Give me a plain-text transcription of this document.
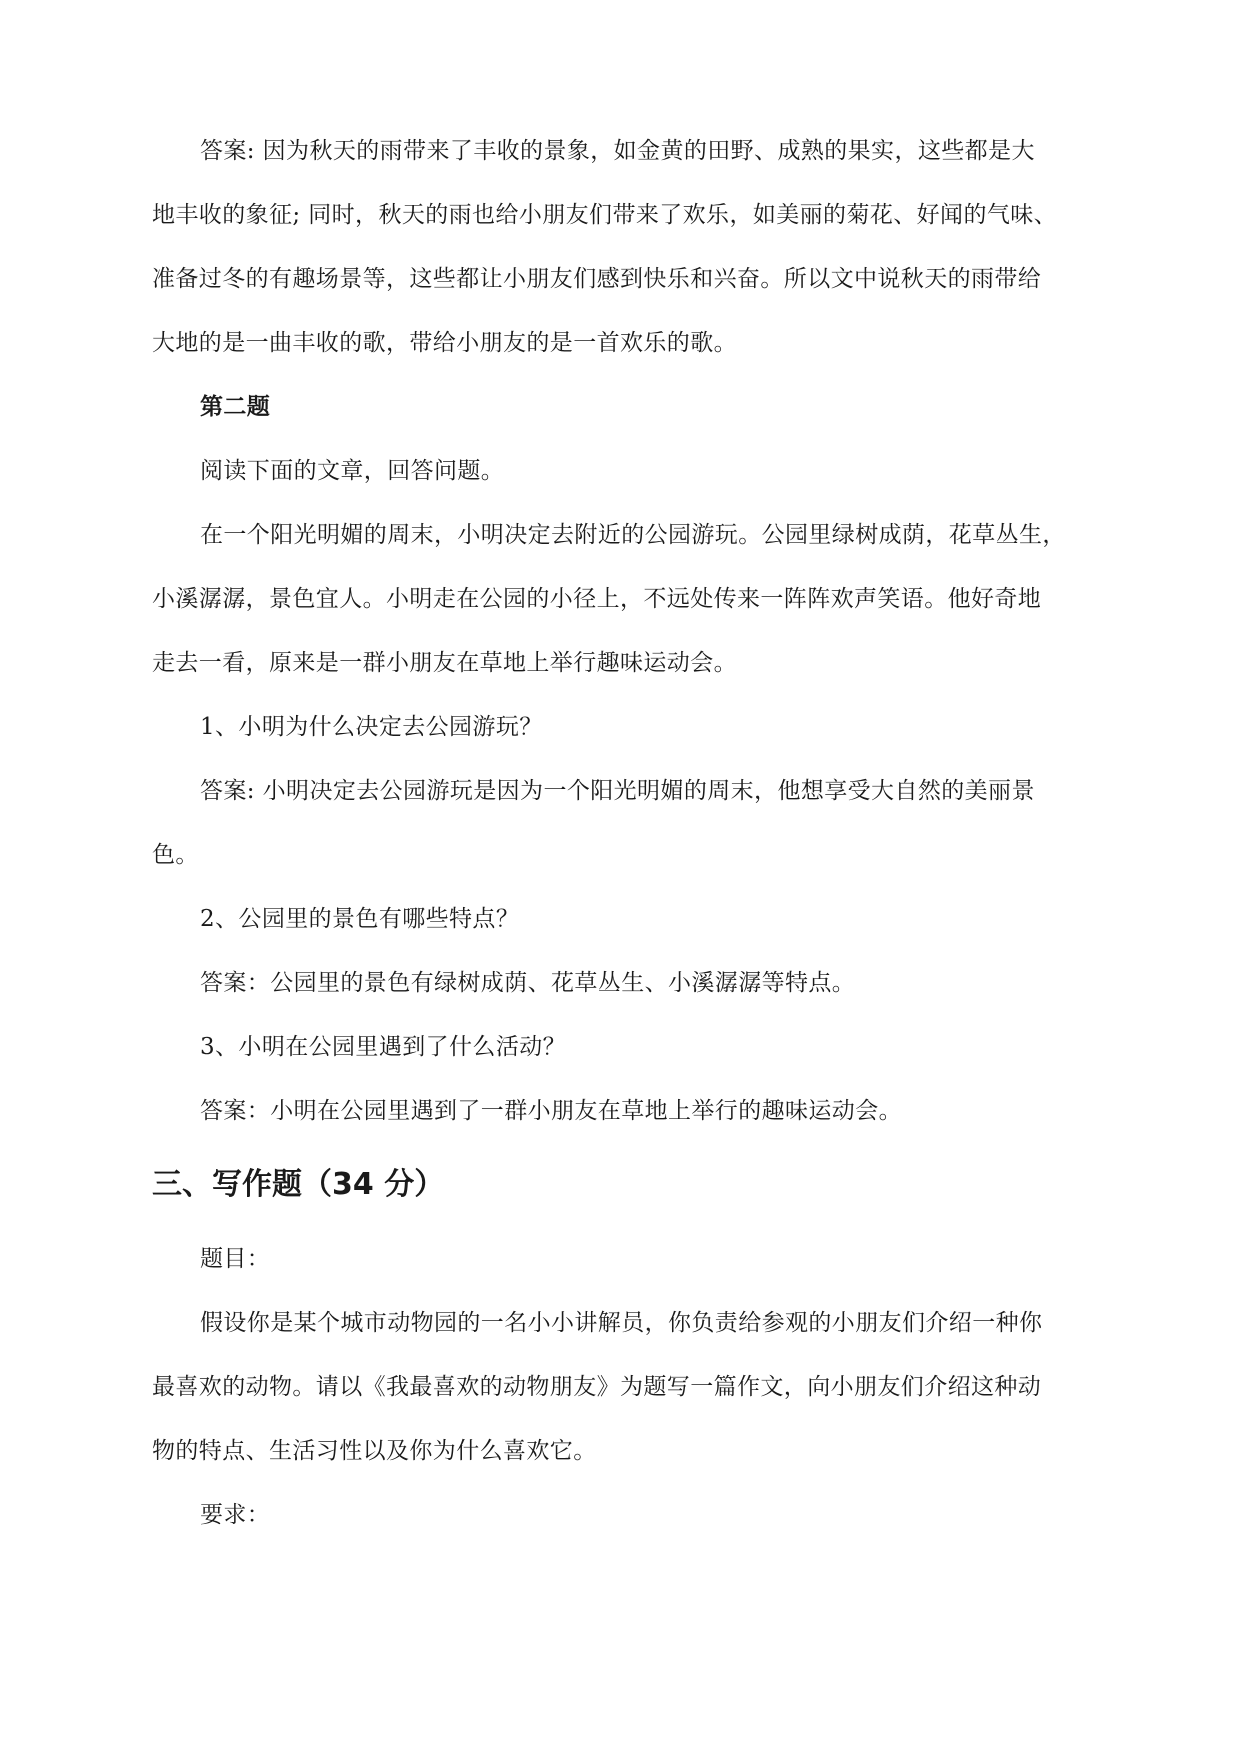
答案: 因为秋天的雨带来了丰收的景象，如金黄的田野、成熟的果实，这些都是大
地丰收的象征; 同时，秋天的雨也给小朋友们带来了欢乐，如美丽的菊花、好闻的气味、
准备过冬的有趣场景等，这些都让小朋友们感到快乐和兴奋。所以文中说秋天的雨带给
大地的是一曲丰收的歌，带给小朋友的是一首欢乐的歌。
第二题
阅读下面的文章，回答问题。
在一个阳光明媚的周末，小明决定去附近的公园游玩。公园里绿树成荫，花草丛生，
小溪潺潺，景色宜人。小明走在公园的小径上，不远处传来一阵阵欢声笑语。他好奇地
走去一看，原来是一群小朋友在草地上举行趣味运动会。
1、小明为什么决定去公园游玩？
答案: 小明决定去公园游玩是因为一个阳光明媚的周末，他想享受大自然的美丽景
色。
2、公园里的景色有哪些特点？
答案：公园里的景色有绿树成荫、花草丛生、小溪潺潺等特点。
3、小明在公园里遇到了什么活动？
答案：小明在公园里遇到了一群小朋友在草地上举行的趣味运动会。
三、写作题（34 分）
题目：
假设你是某个城市动物园的一名小小讲解员，你负责给参观的小朋友们介绍一种你
最喜欢的动物。请以《我最喜欢的动物朋友》为题写一篇作文，向小朋友们介绍这种动
物的特点、生活习性以及你为什么喜欢它。
要求：
